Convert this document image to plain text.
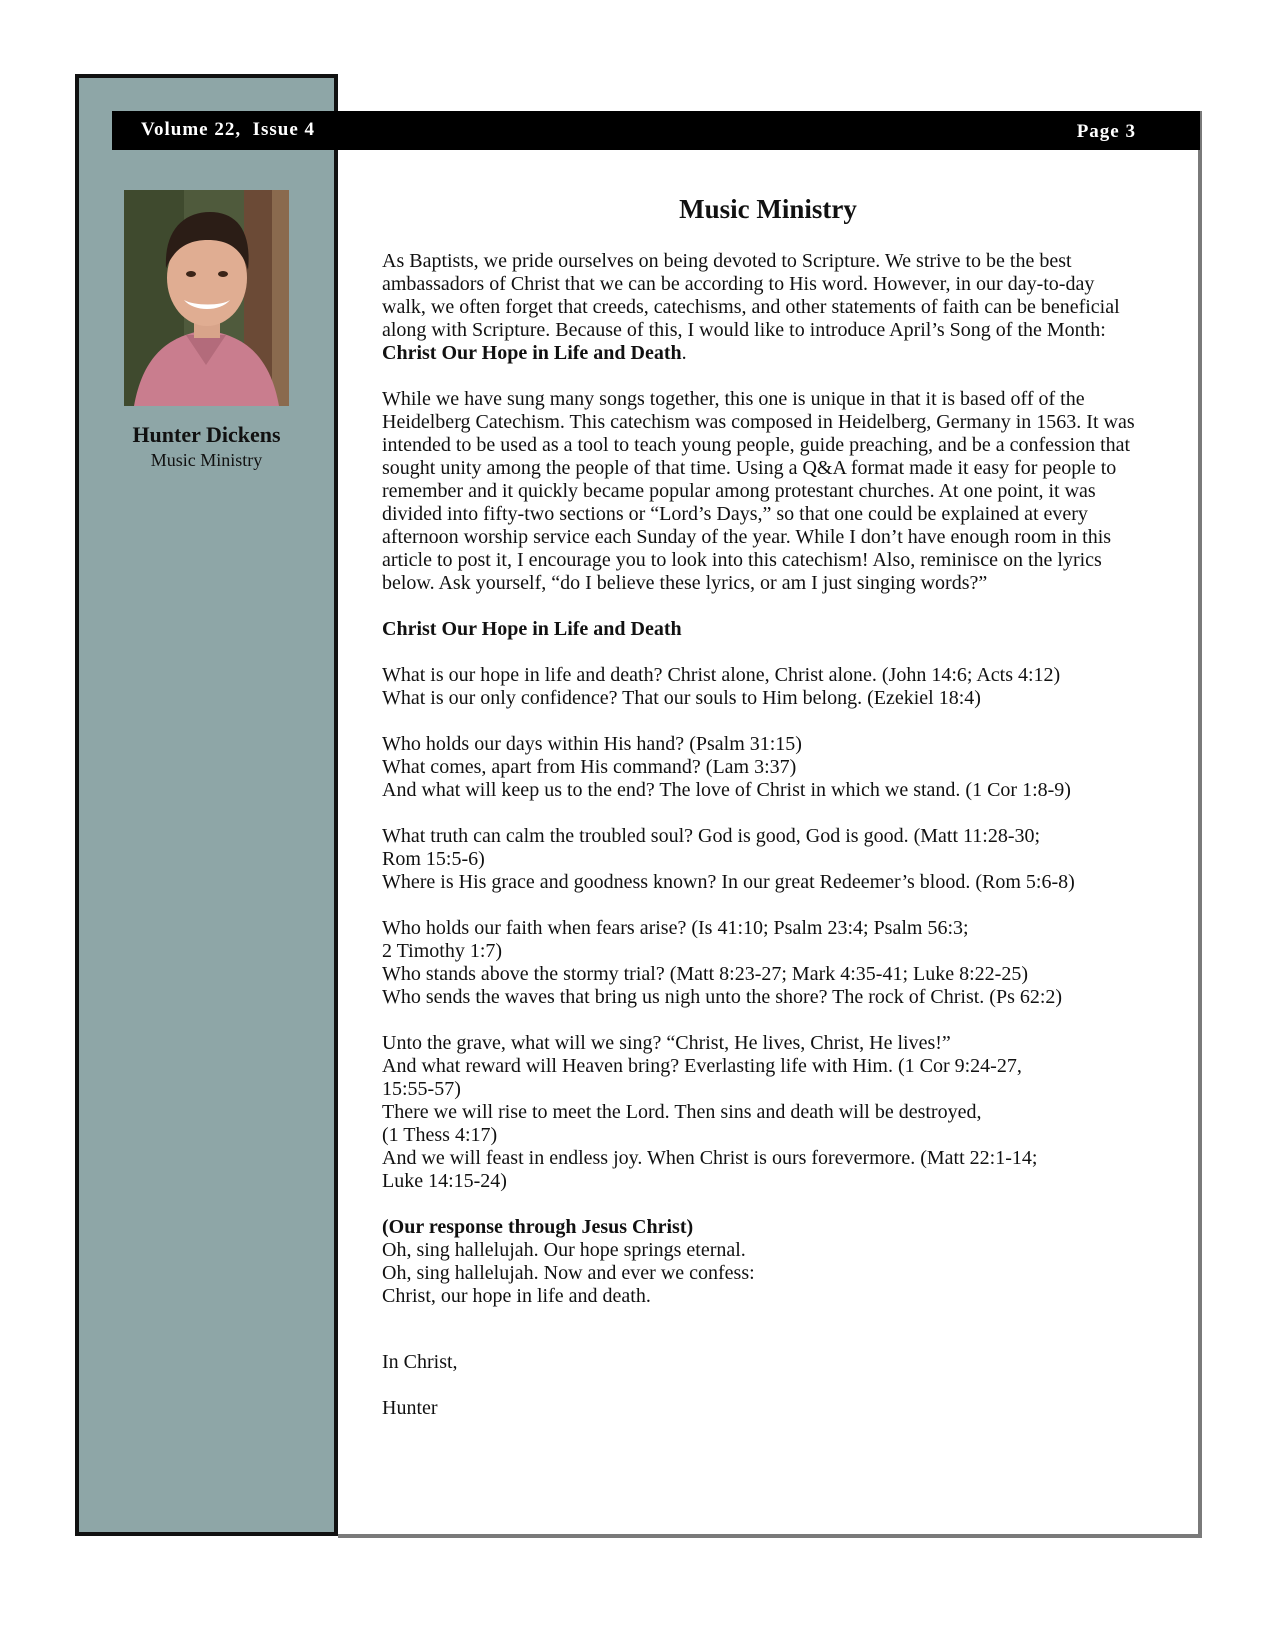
Volume 22,  Issue 4	Page 3
Hunter Dickens
Music Ministry
Music Ministry

As Baptists, we pride ourselves on being devoted to Scripture. We strive to be the best ambassadors of Christ that we can be according to His word. However, in our day-to-day walk, we often forget that creeds, catechisms, and other statements of faith can be beneficial along with Scripture. Because of this, I would like to introduce April’s Song of the Month: Christ Our Hope in Life and Death.

While we have sung many songs together, this one is unique in that it is based off of the Heidelberg Catechism. This catechism was composed in Heidelberg, Germany in 1563. It was intended to be used as a tool to teach young people, guide preaching, and be a confession that sought unity among the people of that time. Using a Q&A format made it easy for people to remember and it quickly became popular among protestant churches. At one point, it was divided into fifty-two sections or “Lord’s Days,” so that one could be explained at every afternoon worship service each Sunday of the year. While I don’t have enough room in this article to post it, I encourage you to look into this catechism! Also, reminisce on the lyrics below. Ask yourself, “do I believe these lyrics, or am I just singing words?”

Christ Our Hope in Life and Death

What is our hope in life and death? Christ alone, Christ alone. (John 14:6; Acts 4:12)
What is our only confidence? That our souls to Him belong. (Ezekiel 18:4)

Who holds our days within His hand? (Psalm 31:15)
What comes, apart from His command? (Lam 3:37)
And what will keep us to the end? The love of Christ in which we stand. (1 Cor 1:8-9)

What truth can calm the troubled soul? God is good, God is good. (Matt 11:28-30;
Rom 15:5-6)
Where is His grace and goodness known? In our great Redeemer’s blood. (Rom 5:6-8)

Who holds our faith when fears arise? (Is 41:10; Psalm 23:4; Psalm 56:3;
2 Timothy 1:7)
Who stands above the stormy trial? (Matt 8:23-27; Mark 4:35-41; Luke 8:22-25)
Who sends the waves that bring us nigh unto the shore? The rock of Christ. (Ps 62:2)

Unto the grave, what will we sing? “Christ, He lives, Christ, He lives!”
And what reward will Heaven bring? Everlasting life with Him. (1 Cor 9:24-27,
15:55-57)
There we will rise to meet the Lord. Then sins and death will be destroyed,
(1 Thess 4:17)
And we will feast in endless joy. When Christ is ours forevermore. (Matt 22:1-14;
Luke 14:15-24)

(Our response through Jesus Christ)
Oh, sing hallelujah. Our hope springs eternal.
Oh, sing hallelujah. Now and ever we confess:
Christ, our hope in life and death.

In Christ,

Hunter
